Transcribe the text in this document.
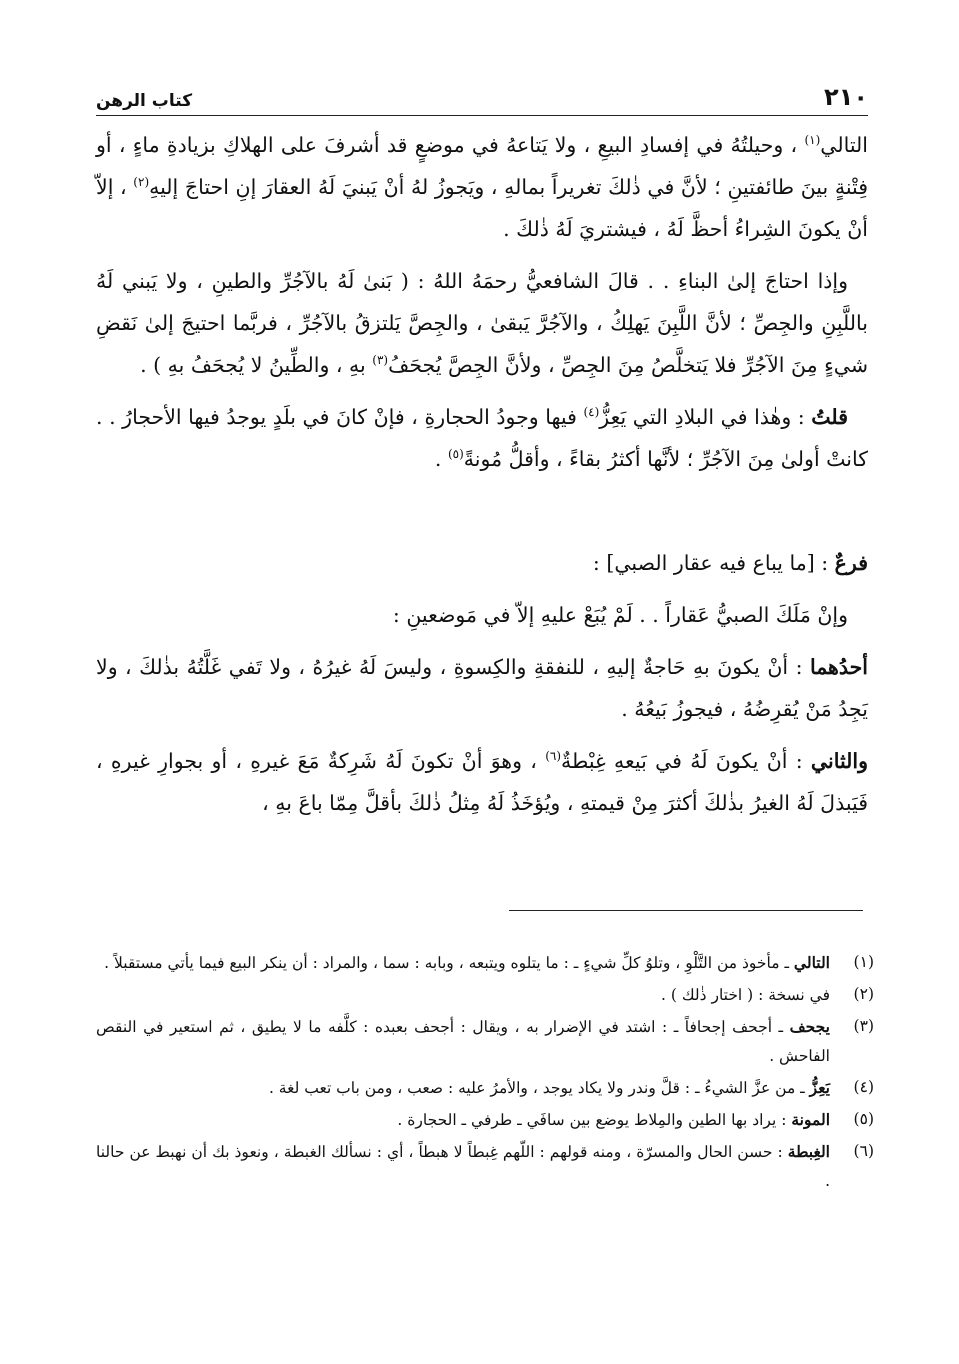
٢١٠
كتاب الرهن

التالي$^{(١)}$ ، وحيلتُهُ في إفسادِ البيعِ ، ولا يَتاعهُ في موضعٍ قد أشرفَ على الهلاكِ بزيادةِ ماءٍ ، أو فِتْنةٍ بينَ طائفتينِ ؛ لأنَّ في ذٰلكَ تغريراً بمالهِ ، ويَجوزُ لهُ أنْ يَبنيَ لَهُ العقارَ إنِ احتاجَ إليهِ$^{(٢)}$ ، إلاّ أنْ يكونَ الشِراءُ أحظَّ لَهُ ، فيشتريَ لَهُ ذٰلكَ .

وإذا احتاجَ إلىٰ البناءِ . . قالَ الشافعيُّ رحمَهُ اللهُ : ( بَنىٰ لَهُ بالآجُرِّ والطينِ ، ولا يَبني لَهُ باللَّبِنِ والجِصِّ ؛ لأنَّ اللَّبِنَ يَهلِكُ ، والآجُرَّ يَبقىٰ ، والجِصَّ يَلتزقُ بالآجُرِّ ، فربَّما احتيجَ إلىٰ نَقضِ شيءٍ مِنَ الآجُرِّ فلا يَتخلَّصُ مِنَ الجِصِّ ، ولأنَّ الجِصَّ يُجحَفُ$^{(٣)}$ بهِ ، والطِّينُ لا يُجحَفُ بهِ ) .

قلتُ : وهٰذا في البلادِ التي يَعِزُّ$^{(٤)}$ فيها وجودُ الحجارةِ ، فإنْ كانَ في بلَدٍ يوجدُ فيها الأحجارُ . . كانتْ أولىٰ مِنَ الآجُرِّ ؛ لأنَّها أكثرُ بقاءً ، وأقلُّ مُونةً$^{(٥)}$ .

فرعٌ : [ما يباع فيه عقار الصبي] :

وإنْ مَلَكَ الصبيُّ عَقاراً . . لَمْ يُبَعْ عليهِ إلاّ في مَوضعينِ :

أحدُهما : أنْ يكونَ بهِ حَاجةٌ إليهِ ، للنفقةِ والكِسوةِ ، وليسَ لَهُ غيرُهُ ، ولا تَفي غَلَّتُهُ بذٰلكَ ، ولا يَجِدُ مَنْ يُقرِضُهُ ، فيجوزُ بَيعُهُ .

والثاني : أنْ يكونَ لَهُ في بَيعهِ غِبْطةٌ$^{(٦)}$ ، وهوَ أنْ تكونَ لَهُ شَرِكةٌ مَعَ غيرهِ ، أو بجوارِ غيرهِ ، فَيَبذلَ لَهُ الغيرُ بذٰلكَ أكثرَ مِنْ قيمتهِ ، ويُؤخَذُ لَهُ مِثلُ ذٰلكَ بأقلَّ مِمّا باعَ بهِ ،

(١)
التالي ـ مأخوذ من التَّلْوِ ، وتلوُ كلِّ شيءٍ ـ : ما يتلوه ويتبعه ، وبابه : سما ، والمراد : أن ينكر البيع فيما يأتي مستقبلاً .
(٢)
في نسخة : ( اختار ذٰلك ) .
(٣)
يجحف ـ أجحف إجحافاً ـ : اشتد في الإضرار به ، ويقال : أجحف بعبده : كلَّفه ما لا يطيق ، ثم استعير في النقص الفاحش .
(٤)
يَعِزُّ ـ من عزَّ الشيءُ ـ : قلَّ وندر ولا يكاد يوجد ، والأمرُ عليه : صعب ، ومن باب تعب لغة .
(٥)
المونة : يراد بها الطين والمِلاط يوضع بين سافَي ـ طرفي ـ الحجارة .
(٦)
الغِبطة : حسن الحال والمسرّة ، ومنه قولهم : اللّهم غِبطاً لا هبطاً ، أي : نسألك الغبطة ، ونعوذ بك أن نهبط عن حالنا .
